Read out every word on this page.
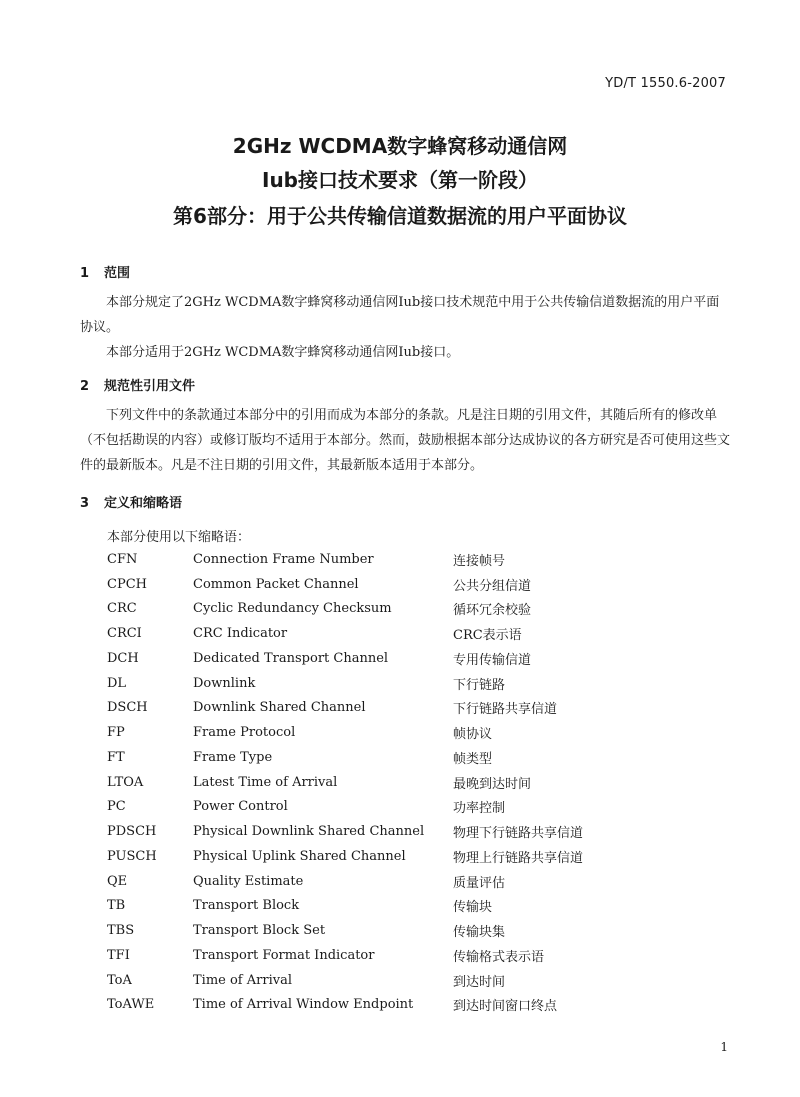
YD/T 1550.6-2007
2GHz WCDMA数字蜂窝移动通信网
Iub接口技术要求（第一阶段）
第6部分：用于公共传输信道数据流的用户平面协议
1 范围
本部分规定了2GHz WCDMA数字蜂窝移动通信网Iub接口技术规范中用于公共传输信道数据流的用户平面协议。
本部分适用于2GHz WCDMA数字蜂窝移动通信网Iub接口。
2 规范性引用文件
下列文件中的条款通过本部分中的引用而成为本部分的条款。凡是注日期的引用文件，其随后所有的修改单（不包括勘误的内容）或修订版均不适用于本部分。然而，鼓励根据本部分达成协议的各方研究是否可使用这些文件的最新版本。凡是不注日期的引用文件，其最新版本适用于本部分。
3 定义和缩略语
本部分使用以下缩略语：
CFN	Connection Frame Number	连接帧号
CPCH	Common Packet Channel	公共分组信道
CRC	Cyclic Redundancy Checksum	循环冗余校验
CRCI	CRC Indicator	CRC表示语
DCH	Dedicated Transport Channel	专用传输信道
DL	Downlink	下行链路
DSCH	Downlink Shared Channel	下行链路共享信道
FP	Frame Protocol	帧协议
FT	Frame Type	帧类型
LTOA	Latest Time of Arrival	最晚到达时间
PC	Power Control	功率控制
PDSCH	Physical Downlink Shared Channel	物理下行链路共享信道
PUSCH	Physical Uplink Shared Channel	物理上行链路共享信道
QE	Quality Estimate	质量评估
TB	Transport Block	传输块
TBS	Transport Block Set	传输块集
TFI	Transport Format Indicator	传输格式表示语
ToA	Time of Arrival	到达时间
ToAWE	Time of Arrival Window Endpoint	到达时间窗口终点
1
